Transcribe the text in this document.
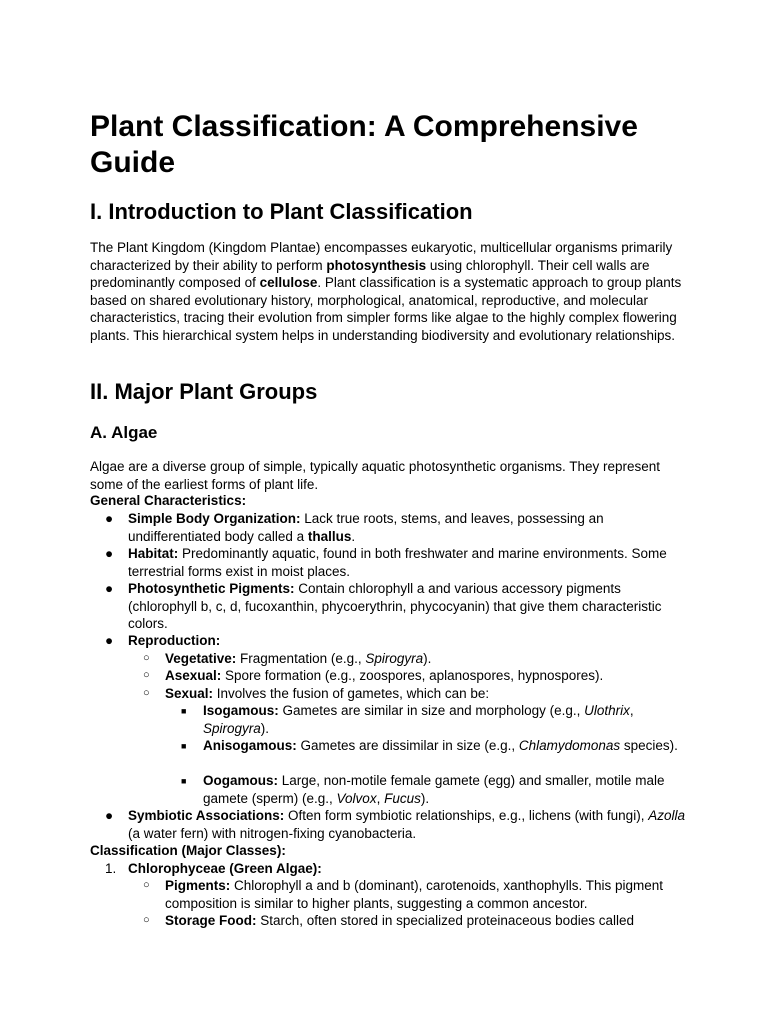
Plant Classification: A Comprehensive Guide
I. Introduction to Plant Classification

The Plant Kingdom (Kingdom Plantae) encompasses eukaryotic, multicellular organisms primarily characterized by their ability to perform photosynthesis using chlorophyll. Their cell walls are predominantly composed of cellulose. Plant classification is a systematic approach to group plants based on shared evolutionary history, morphological, anatomical, reproductive, and molecular characteristics, tracing their evolution from simpler forms like algae to the highly complex flowering plants. This hierarchical system helps in understanding biodiversity and evolutionary relationships.

II. Major Plant Groups
A. Algae

Algae are a diverse group of simple, typically aquatic photosynthetic organisms. They represent some of the earliest forms of plant life.

General Characteristics:
● Simple Body Organization: Lack true roots, stems, and leaves, possessing an undifferentiated body called a thallus.
● Habitat: Predominantly aquatic, found in both freshwater and marine environments. Some terrestrial forms exist in moist places.
● Photosynthetic Pigments: Contain chlorophyll a and various accessory pigments (chlorophyll b, c, d, fucoxanthin, phycoerythrin, phycocyanin) that give them characteristic colors.
● Reproduction:
○ Vegetative: Fragmentation (e.g., Spirogyra).
○ Asexual: Spore formation (e.g., zoospores, aplanospores, hypnospores).
○ Sexual: Involves the fusion of gametes, which can be:
■ Isogamous: Gametes are similar in size and morphology (e.g., Ulothrix, Spirogyra).
■ Anisogamous: Gametes are dissimilar in size (e.g., Chlamydomonas species).
■ Oogamous: Large, non-motile female gamete (egg) and smaller, motile male gamete (sperm) (e.g., Volvox, Fucus).
● Symbiotic Associations: Often form symbiotic relationships, e.g., lichens (with fungi), Azolla (a water fern) with nitrogen-fixing cyanobacteria.
Classification (Major Classes):
1. Chlorophyceae (Green Algae):
○ Pigments: Chlorophyll a and b (dominant), carotenoids, xanthophylls. This pigment composition is similar to higher plants, suggesting a common ancestor.
○ Storage Food: Starch, often stored in specialized proteinaceous bodies called
